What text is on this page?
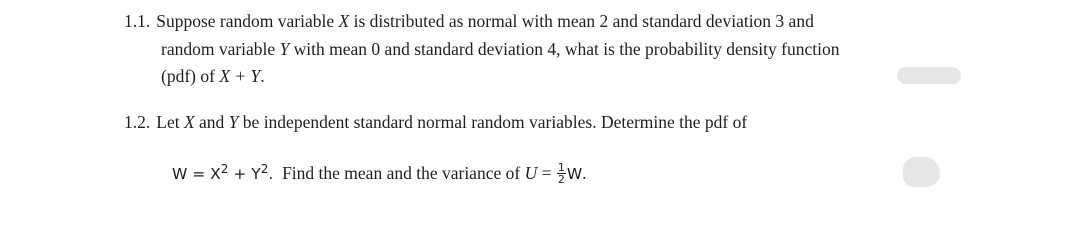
1.1. Suppose random variable X is distributed as normal with mean 2 and standard deviation 3 and
random variable Y with mean 0 and standard deviation 4, what is the probability density function
(pdf) of X + Y.
1.2. Let X and Y be independent standard normal random variables. Determine the pdf of
$W = X^2 + Y^2$.  Find the mean and the variance of $U = \frac{1}{2} W$.
